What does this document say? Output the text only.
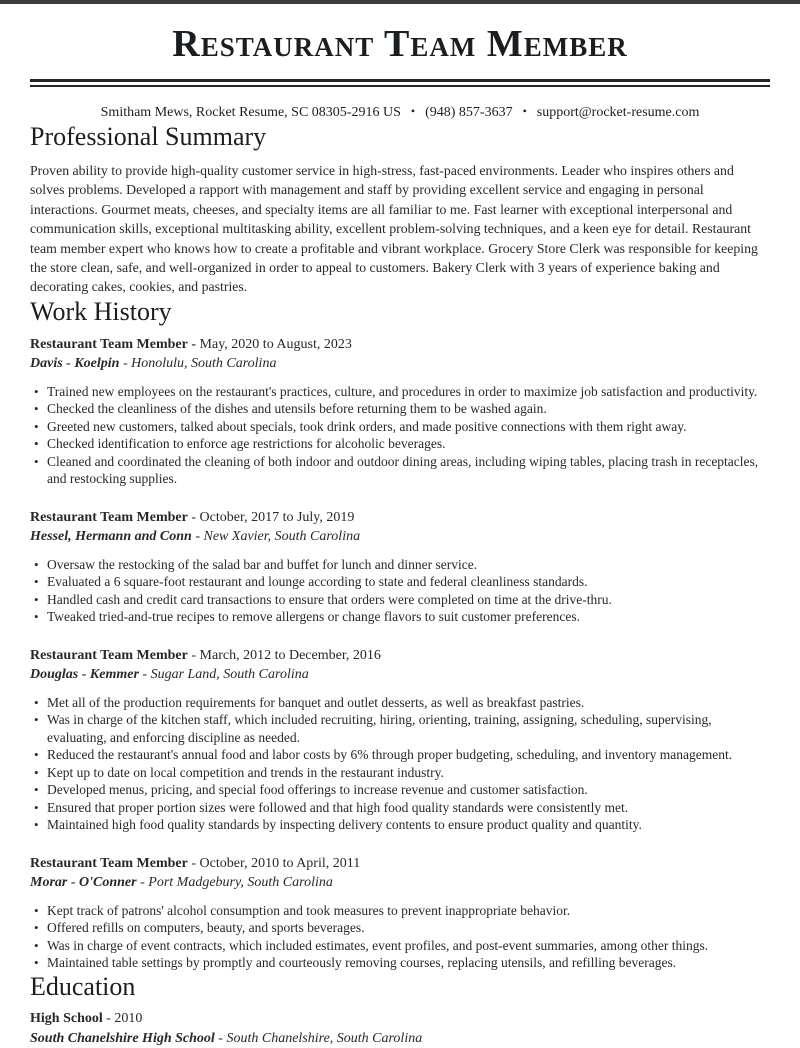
Restaurant Team Member
Smitham Mews, Rocket Resume, SC 08305-2916 US • (948) 857-3637 • support@rocket-resume.com
Professional Summary
Proven ability to provide high-quality customer service in high-stress, fast-paced environments. Leader who inspires others and solves problems. Developed a rapport with management and staff by providing excellent service and engaging in personal interactions. Gourmet meats, cheeses, and specialty items are all familiar to me. Fast learner with exceptional interpersonal and communication skills, exceptional multitasking ability, excellent problem-solving techniques, and a keen eye for detail. Restaurant team member expert who knows how to create a profitable and vibrant workplace. Grocery Store Clerk was responsible for keeping the store clean, safe, and well-organized in order to appeal to customers. Bakery Clerk with 3 years of experience baking and decorating cakes, cookies, and pastries.
Work History
Restaurant Team Member - May, 2020 to August, 2023
Davis - Koelpin - Honolulu, South Carolina
• Trained new employees on the restaurant's practices, culture, and procedures in order to maximize job satisfaction and productivity.
• Checked the cleanliness of the dishes and utensils before returning them to be washed again.
• Greeted new customers, talked about specials, took drink orders, and made positive connections with them right away.
• Checked identification to enforce age restrictions for alcoholic beverages.
• Cleaned and coordinated the cleaning of both indoor and outdoor dining areas, including wiping tables, placing trash in receptacles, and restocking supplies.
Restaurant Team Member - October, 2017 to July, 2019
Hessel, Hermann and Conn - New Xavier, South Carolina
• Oversaw the restocking of the salad bar and buffet for lunch and dinner service.
• Evaluated a 6 square-foot restaurant and lounge according to state and federal cleanliness standards.
• Handled cash and credit card transactions to ensure that orders were completed on time at the drive-thru.
• Tweaked tried-and-true recipes to remove allergens or change flavors to suit customer preferences.
Restaurant Team Member - March, 2012 to December, 2016
Douglas - Kemmer - Sugar Land, South Carolina
• Met all of the production requirements for banquet and outlet desserts, as well as breakfast pastries.
• Was in charge of the kitchen staff, which included recruiting, hiring, orienting, training, assigning, scheduling, supervising, evaluating, and enforcing discipline as needed.
• Reduced the restaurant's annual food and labor costs by 6% through proper budgeting, scheduling, and inventory management.
• Kept up to date on local competition and trends in the restaurant industry.
• Developed menus, pricing, and special food offerings to increase revenue and customer satisfaction.
• Ensured that proper portion sizes were followed and that high food quality standards were consistently met.
• Maintained high food quality standards by inspecting delivery contents to ensure product quality and quantity.
Restaurant Team Member - October, 2010 to April, 2011
Morar - O'Conner - Port Madgebury, South Carolina
• Kept track of patrons' alcohol consumption and took measures to prevent inappropriate behavior.
• Offered refills on computers, beauty, and sports beverages.
• Was in charge of event contracts, which included estimates, event profiles, and post-event summaries, among other things.
• Maintained table settings by promptly and courteously removing courses, replacing utensils, and refilling beverages.
Education
High School - 2010
South Chanelshire High School - South Chanelshire, South Carolina
